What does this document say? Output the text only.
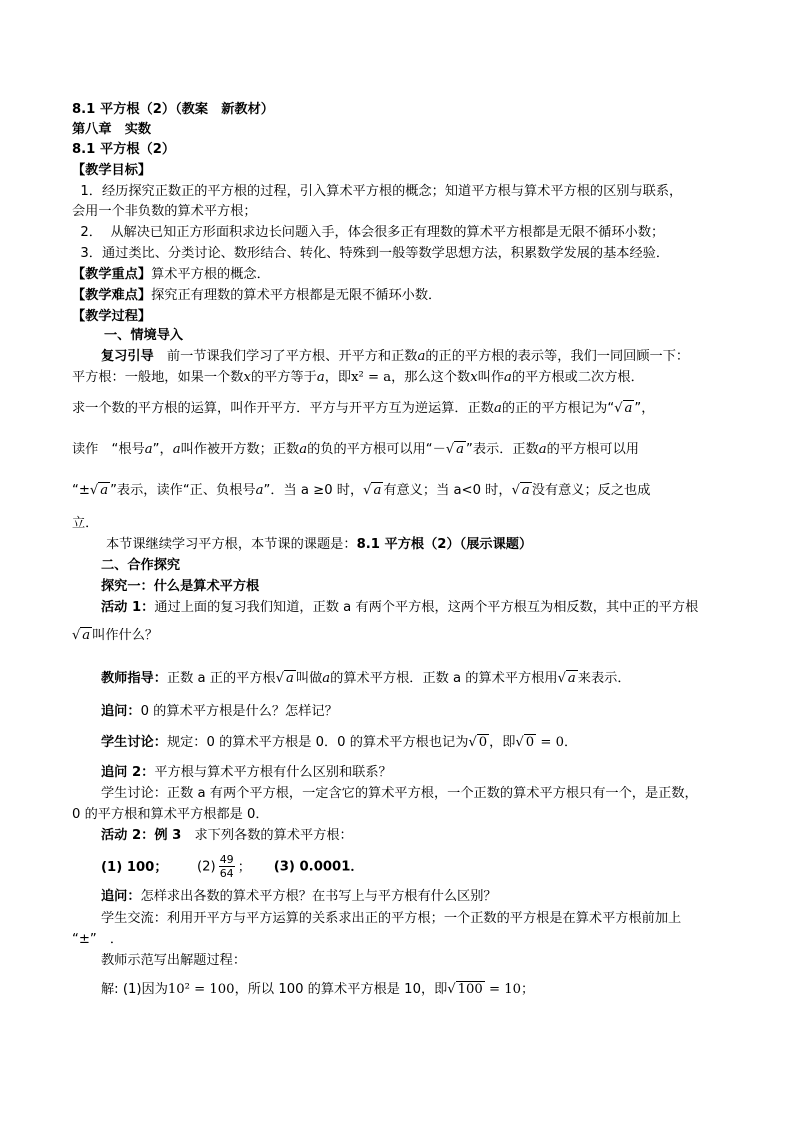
8.1 平方根（2）（教案　新教材）
第八章　实数
8.1 平方根（2）
【教学目标】
1．经历探究正数正的平方根的过程，引入算术平方根的概念；知道平方根与算术平方根的区别与联系，
会用一个非负数的算术平方根；
2．  从解决已知正方形面积求边长问题入手，体会很多正有理数的算术平方根都是无限不循环小数；
3．通过类比、分类讨论、数形结合、转化、特殊到一般等数学思想方法，积累数学发展的基本经验．
【教学重点】算术平方根的概念．
【教学难点】探究正有理数的算术平方根都是无限不循环小数．
【教学过程】
一、情境导入
复习引导　前一节课我们学习了平方根、开平方和正数a的正的平方根的表示等，我们一同回顾一下：
平方根：一般地，如果一个数x的平方等于a，即x² = a，那么这个数x叫作a的平方根或二次方根．
求一个数的平方根的运算，叫作开平方．平方与开平方互为逆运算．正数a的正的平方根记为“√ a ”，
读作　“根号a”，a叫作被开方数；正数a的负的平方根可以用“－√ a ”表示．正数a的平方根可以用
“±√ a ”表示，读作“正、负根号a”．当 a ≥0 时，√ a 有意义；当 a<0 时，√ a 没有意义；反之也成
立．
本节课继续学习平方根，本节课的课题是：8.1 平方根（2）（展示课题）
二、合作探究
探究一：什么是算术平方根
活动 1：通过上面的复习我们知道，正数 a 有两个平方根，这两个平方根互为相反数，其中正的平方根
√ a 叫作什么？
教师指导：正数 a 正的平方根√ a 叫做a的算术平方根．正数 a 的算术平方根用√ a 来表示．
追问：0 的算术平方根是什么？怎样记？
学生讨论：规定：0 的算术平方根是 0．0 的算术平方根也记为√ 0 ，即√ 0 = 0．
追问 2：平方根与算术平方根有什么区别和联系？
学生讨论：正数 a 有两个平方根，一定含它的算术平方根，一个正数的算术平方根只有一个，是正数，
0 的平方根和算术平方根都是 0．
活动 2：例 3　求下列各数的算术平方根：
(1) 100； $(2) \frac{49}{64}$ ； (3) 0.0001．
追问：怎样求出各数的算术平方根？在书写上与平方根有什么区别？
学生交流：利用开平方与平方运算的关系求出正的平方根；一个正数的平方根是在算术平方根前加上
“±”　．
教师示范写出解题过程：
解: (1)因为10² = 100，所以 100 的算术平方根是 10，即√ 100 = 10；
